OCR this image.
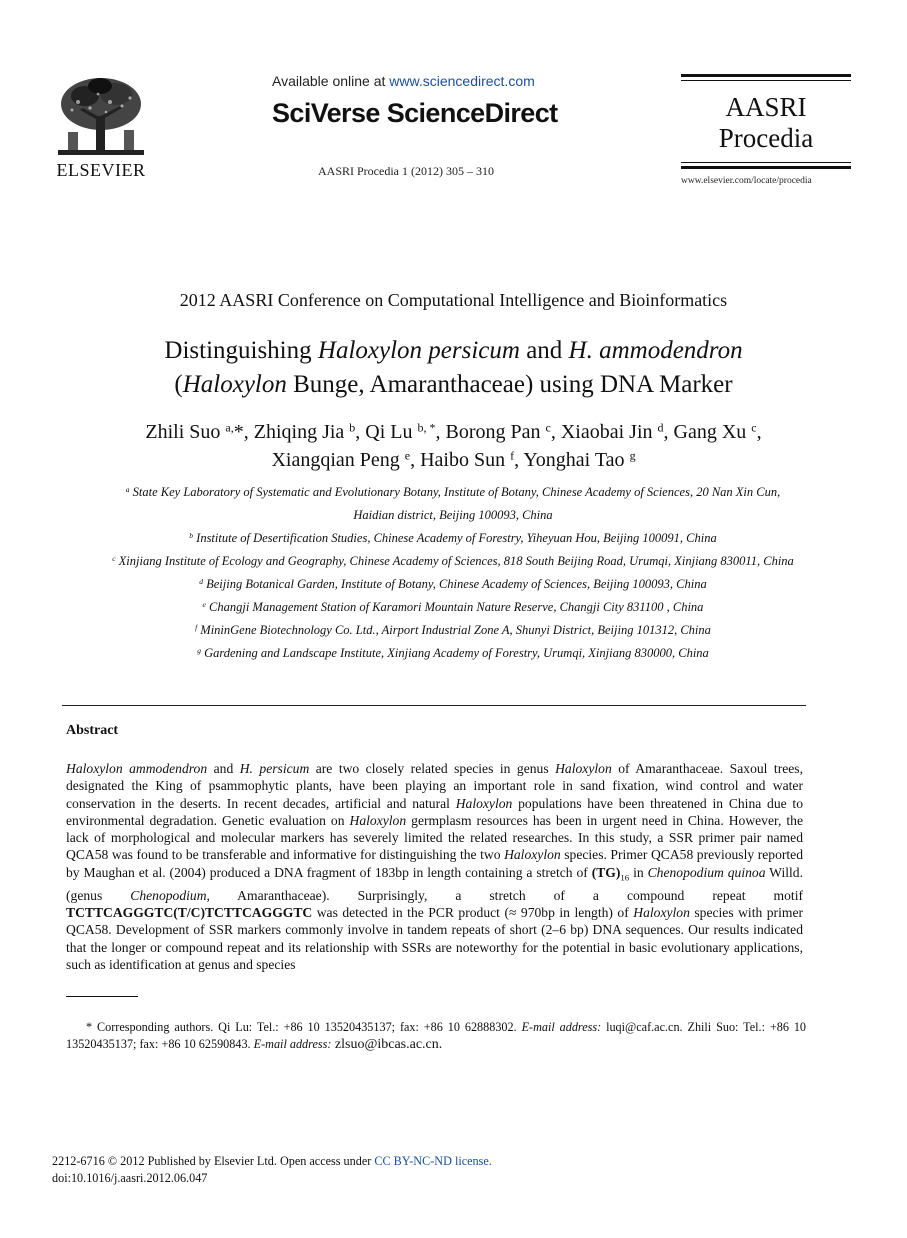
ELSEVIER
Available online at www.sciencedirect.com
SciVerse ScienceDirect
AASRI Procedia 1 (2012) 305 – 310
AASRI
Procedia
www.elsevier.com/locate/procedia
2012 AASRI Conference on Computational Intelligence and Bioinformatics
Distinguishing Haloxylon persicum and H. ammodendron
(Haloxylon Bunge, Amaranthaceae) using DNA Marker
Zhili Suo $^{a,}$*, Zhiqing Jia $^b$, Qi Lu $^{b, *}$, Borong Pan $^c$, Xiaobai Jin $^d$, Gang Xu $^c$,
Xiangqian Peng $^e$, Haibo Sun $^f$, Yonghai Tao $^g$
$^a$ State Key Laboratory of Systematic and Evolutionary Botany, Institute of Botany, Chinese Academy of Sciences, 20 Nan Xin Cun,
Haidian district, Beijing 100093, China
$^b$ Institute of Desertification Studies, Chinese Academy of Forestry, Yiheyuan Hou, Beijing 100091, China
$^c$ Xinjiang Institute of Ecology and Geography, Chinese Academy of Sciences, 818 South Beijing Road, Urumqi, Xinjiang 830011, China
$^d$ Beijing Botanical Garden, Institute of Botany, Chinese Academy of Sciences, Beijing 100093, China
$^e$ Changji Management Station of Karamori Mountain Nature Reserve, Changji City 831100 , China
$^f$ MininGene Biotechnology Co. Ltd., Airport Industrial Zone A, Shunyi District, Beijing 101312, China
$^g$ Gardening and Landscape Institute, Xinjiang Academy of Forestry, Urumqi, Xinjiang 830000, China
Abstract
Haloxylon ammodendron and H. persicum are two closely related species in genus Haloxylon of Amaranthaceae. Saxoul trees, designated the King of psammophytic plants, have been playing an important role in sand fixation, wind control and water conservation in the deserts. In recent decades, artificial and natural Haloxylon populations have been threatened in China due to environmental degradation. Genetic evaluation on Haloxylon germplasm resources has been in urgent need in China. However, the lack of morphological and molecular markers has severely limited the related researches. In this study, a SSR primer pair named QCA58 was found to be transferable and informative for distinguishing the two Haloxylon species. Primer QCA58 previously reported by Maughan et al. (2004) produced a DNA fragment of 183bp in length containing a stretch of $(TG)_{16}$ in Chenopodium quinoa Willd. (genus Chenopodium, Amaranthaceae). Surprisingly, a stretch of a compound repeat motif TCTTCAGGGTC(T/C)TCTTCAGGGTC was detected in the PCR product (≈ 970bp in length) of Haloxylon species with primer QCA58. Development of SSR markers commonly involve in tandem repeats of short (2–6 bp) DNA sequences. Our results indicated that the longer or compound repeat and its relationship with SSRs are noteworthy for the potential in basic evolutionary applications, such as identification at genus and species
* Corresponding authors. Qi Lu: Tel.: +86 10 13520435137; fax: +86 10 62888302. E-mail address: luqi@caf.ac.cn. Zhili Suo: Tel.: +86 10 13520435137; fax: +86 10 62590843. E-mail address: zlsuo@ibcas.ac.cn.
2212-6716 © 2012 Published by Elsevier Ltd. Open access under CC BY-NC-ND license.
doi:10.1016/j.aasri.2012.06.047
